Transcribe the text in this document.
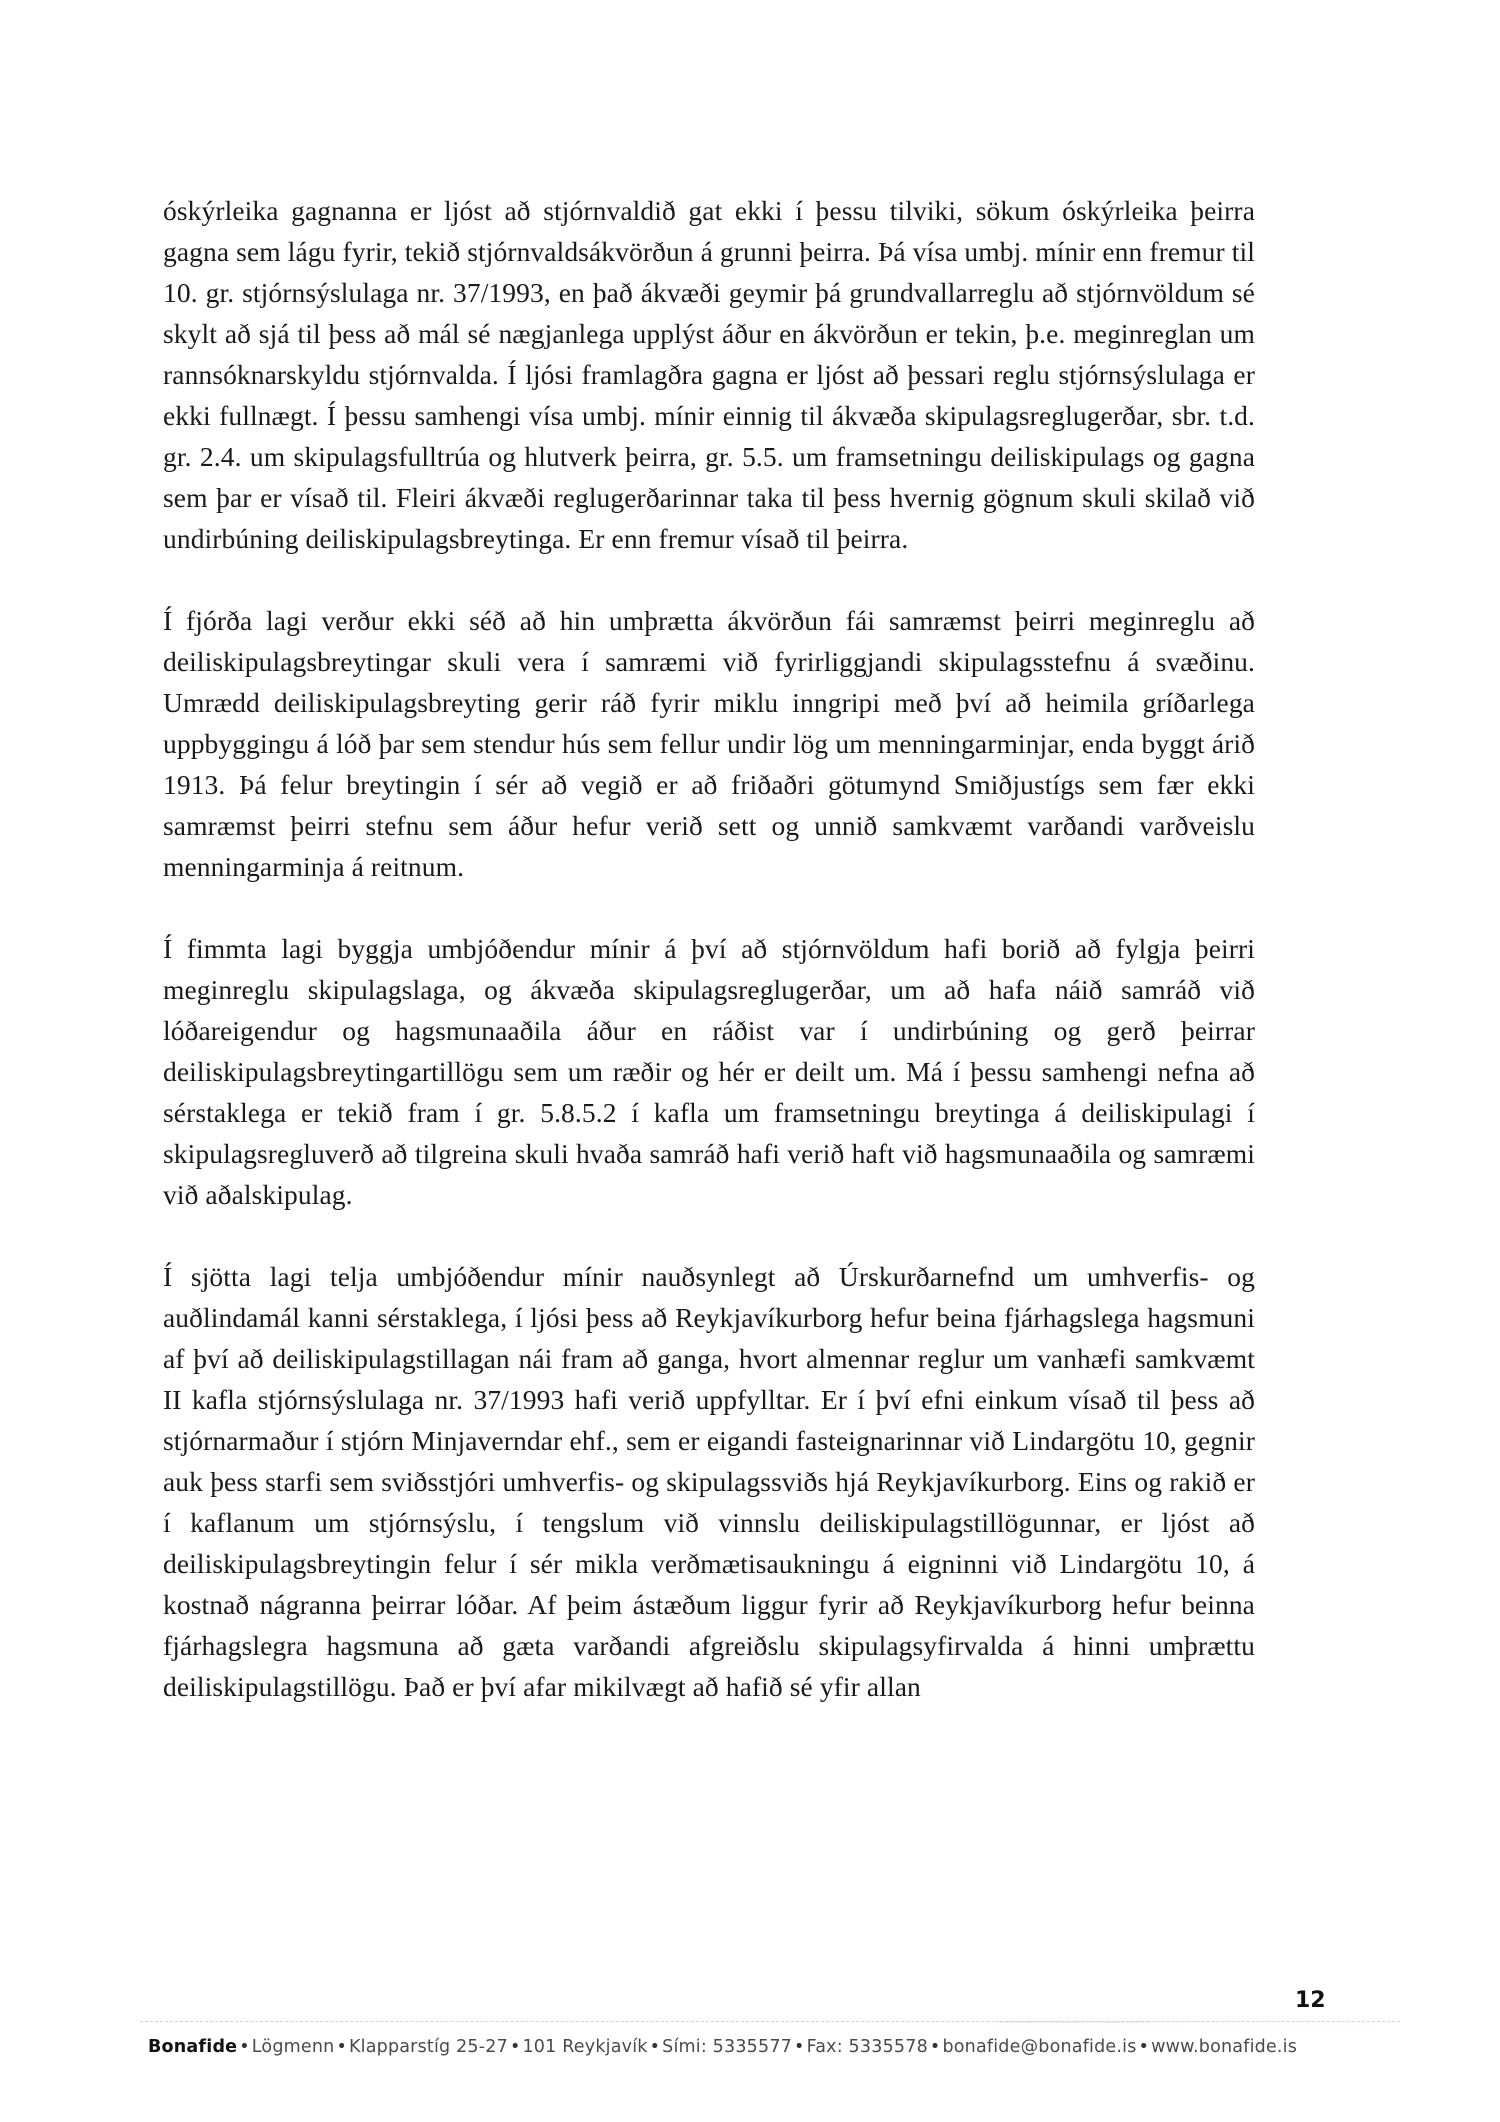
óskýrleika gagnanna er ljóst að stjórnvaldið gat ekki í þessu tilviki, sökum óskýrleika þeirra gagna sem lágu fyrir, tekið stjórnvaldsákvörðun á grunni þeirra. Þá vísa umbj. mínir enn fremur til 10. gr. stjórnsýslulaga nr. 37/1993, en það ákvæði geymir þá grundvallarreglu að stjórnvöldum sé skylt að sjá til þess að mál sé nægjanlega upplýst áður en ákvörðun er tekin, þ.e. meginreglan um rannsóknarskyldu stjórnvalda. Í ljósi framlagðra gagna er ljóst að þessari reglu stjórnsýslulaga er ekki fullnægt. Í þessu samhengi vísa umbj. mínir einnig til ákvæða skipulagsreglugerðar, sbr. t.d. gr. 2.4. um skipulagsfulltrúa og hlutverk þeirra, gr. 5.5. um framsetningu deiliskipulags og gagna sem þar er vísað til. Fleiri ákvæði reglugerðarinnar taka til þess hvernig gögnum skuli skilað við undirbúning deiliskipulagsbreytinga. Er enn fremur vísað til þeirra.

Í fjórða lagi verður ekki séð að hin umþrætta ákvörðun fái samræmst þeirri meginreglu að deiliskipulagsbreytingar skuli vera í samræmi við fyrirliggjandi skipulagsstefnu á svæðinu. Umrædd deiliskipulagsbreyting gerir ráð fyrir miklu inngripi með því að heimila gríðarlega uppbyggingu á lóð þar sem stendur hús sem fellur undir lög um menningarminjar, enda byggt árið 1913. Þá felur breytingin í sér að vegið er að friðaðri götumynd Smiðjustígs sem fær ekki samræmst þeirri stefnu sem áður hefur verið sett og unnið samkvæmt varðandi varðveislu menningarminja á reitnum.

Í fimmta lagi byggja umbjóðendur mínir á því að stjórnvöldum hafi borið að fylgja þeirri meginreglu skipulagslaga, og ákvæða skipulagsreglugerðar, um að hafa náið samráð við lóðareigendur og hagsmunaaðila áður en ráðist var í undirbúning og gerð þeirrar deiliskipulagsbreytingartillögu sem um ræðir og hér er deilt um. Má í þessu samhengi nefna að sérstaklega er tekið fram í gr. 5.8.5.2 í kafla um framsetningu breytinga á deiliskipulagi í skipulagsregluverð að tilgreina skuli hvaða samráð hafi verið haft við hagsmunaaðila og samræmi við aðalskipulag.

Í sjötta lagi telja umbjóðendur mínir nauðsynlegt að Úrskurðarnefnd um umhverfis- og auðlindamál kanni sérstaklega, í ljósi þess að Reykjavíkurborg hefur beina fjárhagslega hagsmuni af því að deiliskipulagstillagan nái fram að ganga, hvort almennar reglur um vanhæfi samkvæmt II kafla stjórnsýslulaga nr. 37/1993 hafi verið uppfylltar. Er í því efni einkum vísað til þess að stjórnarmaður í stjórn Minjaverndar ehf., sem er eigandi fasteignarinnar við Lindargötu 10, gegnir auk þess starfi sem sviðsstjóri umhverfis- og skipulagssviðs hjá Reykjavíkurborg. Eins og rakið er í kaflanum um stjórnsýslu, í tengslum við vinnslu deiliskipulagstillögunnar, er ljóst að deiliskipulagsbreytingin felur í sér mikla verðmætisaukningu á eigninni við Lindargötu 10, á kostnað nágranna þeirrar lóðar. Af þeim ástæðum liggur fyrir að Reykjavíkurborg hefur beinna fjárhagslegra hagsmuna að gæta varðandi afgreiðslu skipulagsyfirvalda á hinni umþrættu deiliskipulagstillögu. Það er því afar mikilvægt að hafið sé yfir allan

12
Bonafide • Lögmenn • Klapparstíg 25-27 • 101 Reykjavík • Sími: 5335577 • Fax: 5335578 • bonafide@bonafide.is • www.bonafide.is
